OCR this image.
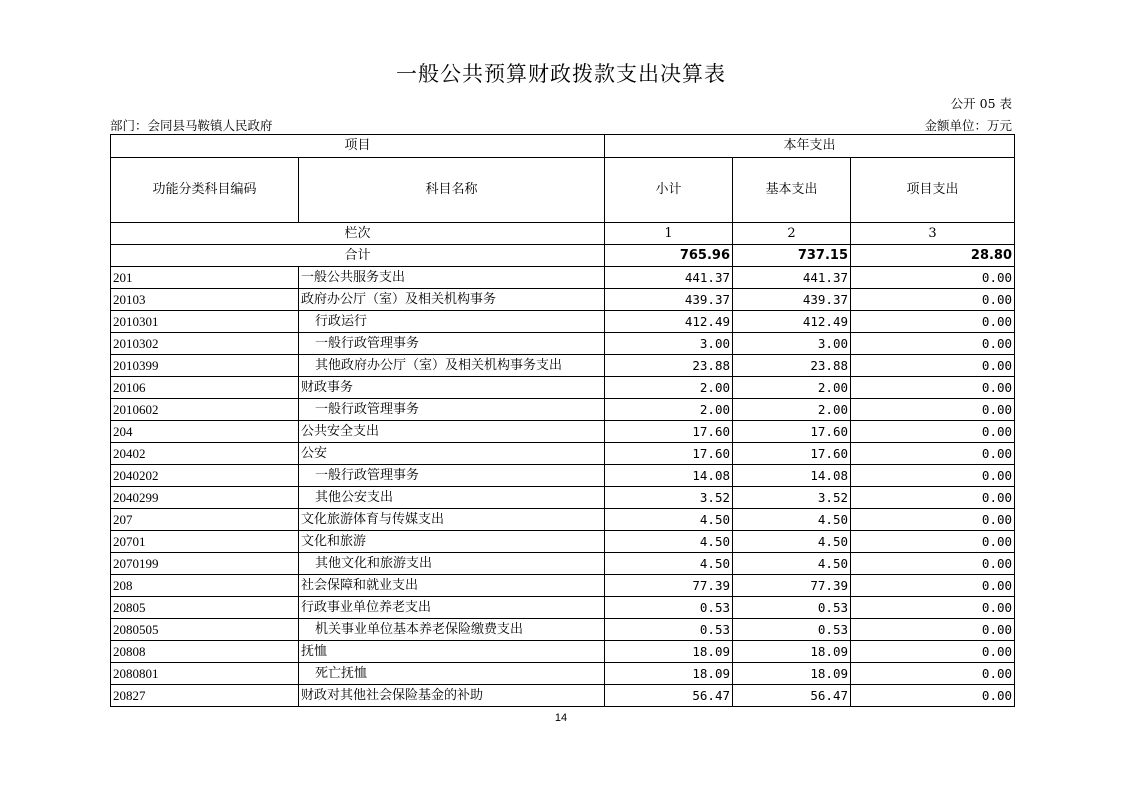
一般公共预算财政拨款支出决算表
公开 05 表
部门：会同县马鞍镇人民政府	金额单位：万元
项目		本年支出		
功能分类科目编码	科目名称	小计	基本支出	项目支出
栏次		1	2	3
合计		765.96	737.15	28.80
201	一般公共服务支出	441.37	441.37	0.00
20103	政府办公厅（室）及相关机构事务	439.37	439.37	0.00
2010301	行政运行	412.49	412.49	0.00
2010302	一般行政管理事务	3.00	3.00	0.00
2010399	其他政府办公厅（室）及相关机构事务支出	23.88	23.88	0.00
20106	财政事务	2.00	2.00	0.00
2010602	一般行政管理事务	2.00	2.00	0.00
204	公共安全支出	17.60	17.60	0.00
20402	公安	17.60	17.60	0.00
2040202	一般行政管理事务	14.08	14.08	0.00
2040299	其他公安支出	3.52	3.52	0.00
207	文化旅游体育与传媒支出	4.50	4.50	0.00
20701	文化和旅游	4.50	4.50	0.00
2070199	其他文化和旅游支出	4.50	4.50	0.00
208	社会保障和就业支出	77.39	77.39	0.00
20805	行政事业单位养老支出	0.53	0.53	0.00
2080505	机关事业单位基本养老保险缴费支出	0.53	0.53	0.00
20808	抚恤	18.09	18.09	0.00
2080801	死亡抚恤	18.09	18.09	0.00
20827	财政对其他社会保险基金的补助	56.47	56.47	0.00
14
